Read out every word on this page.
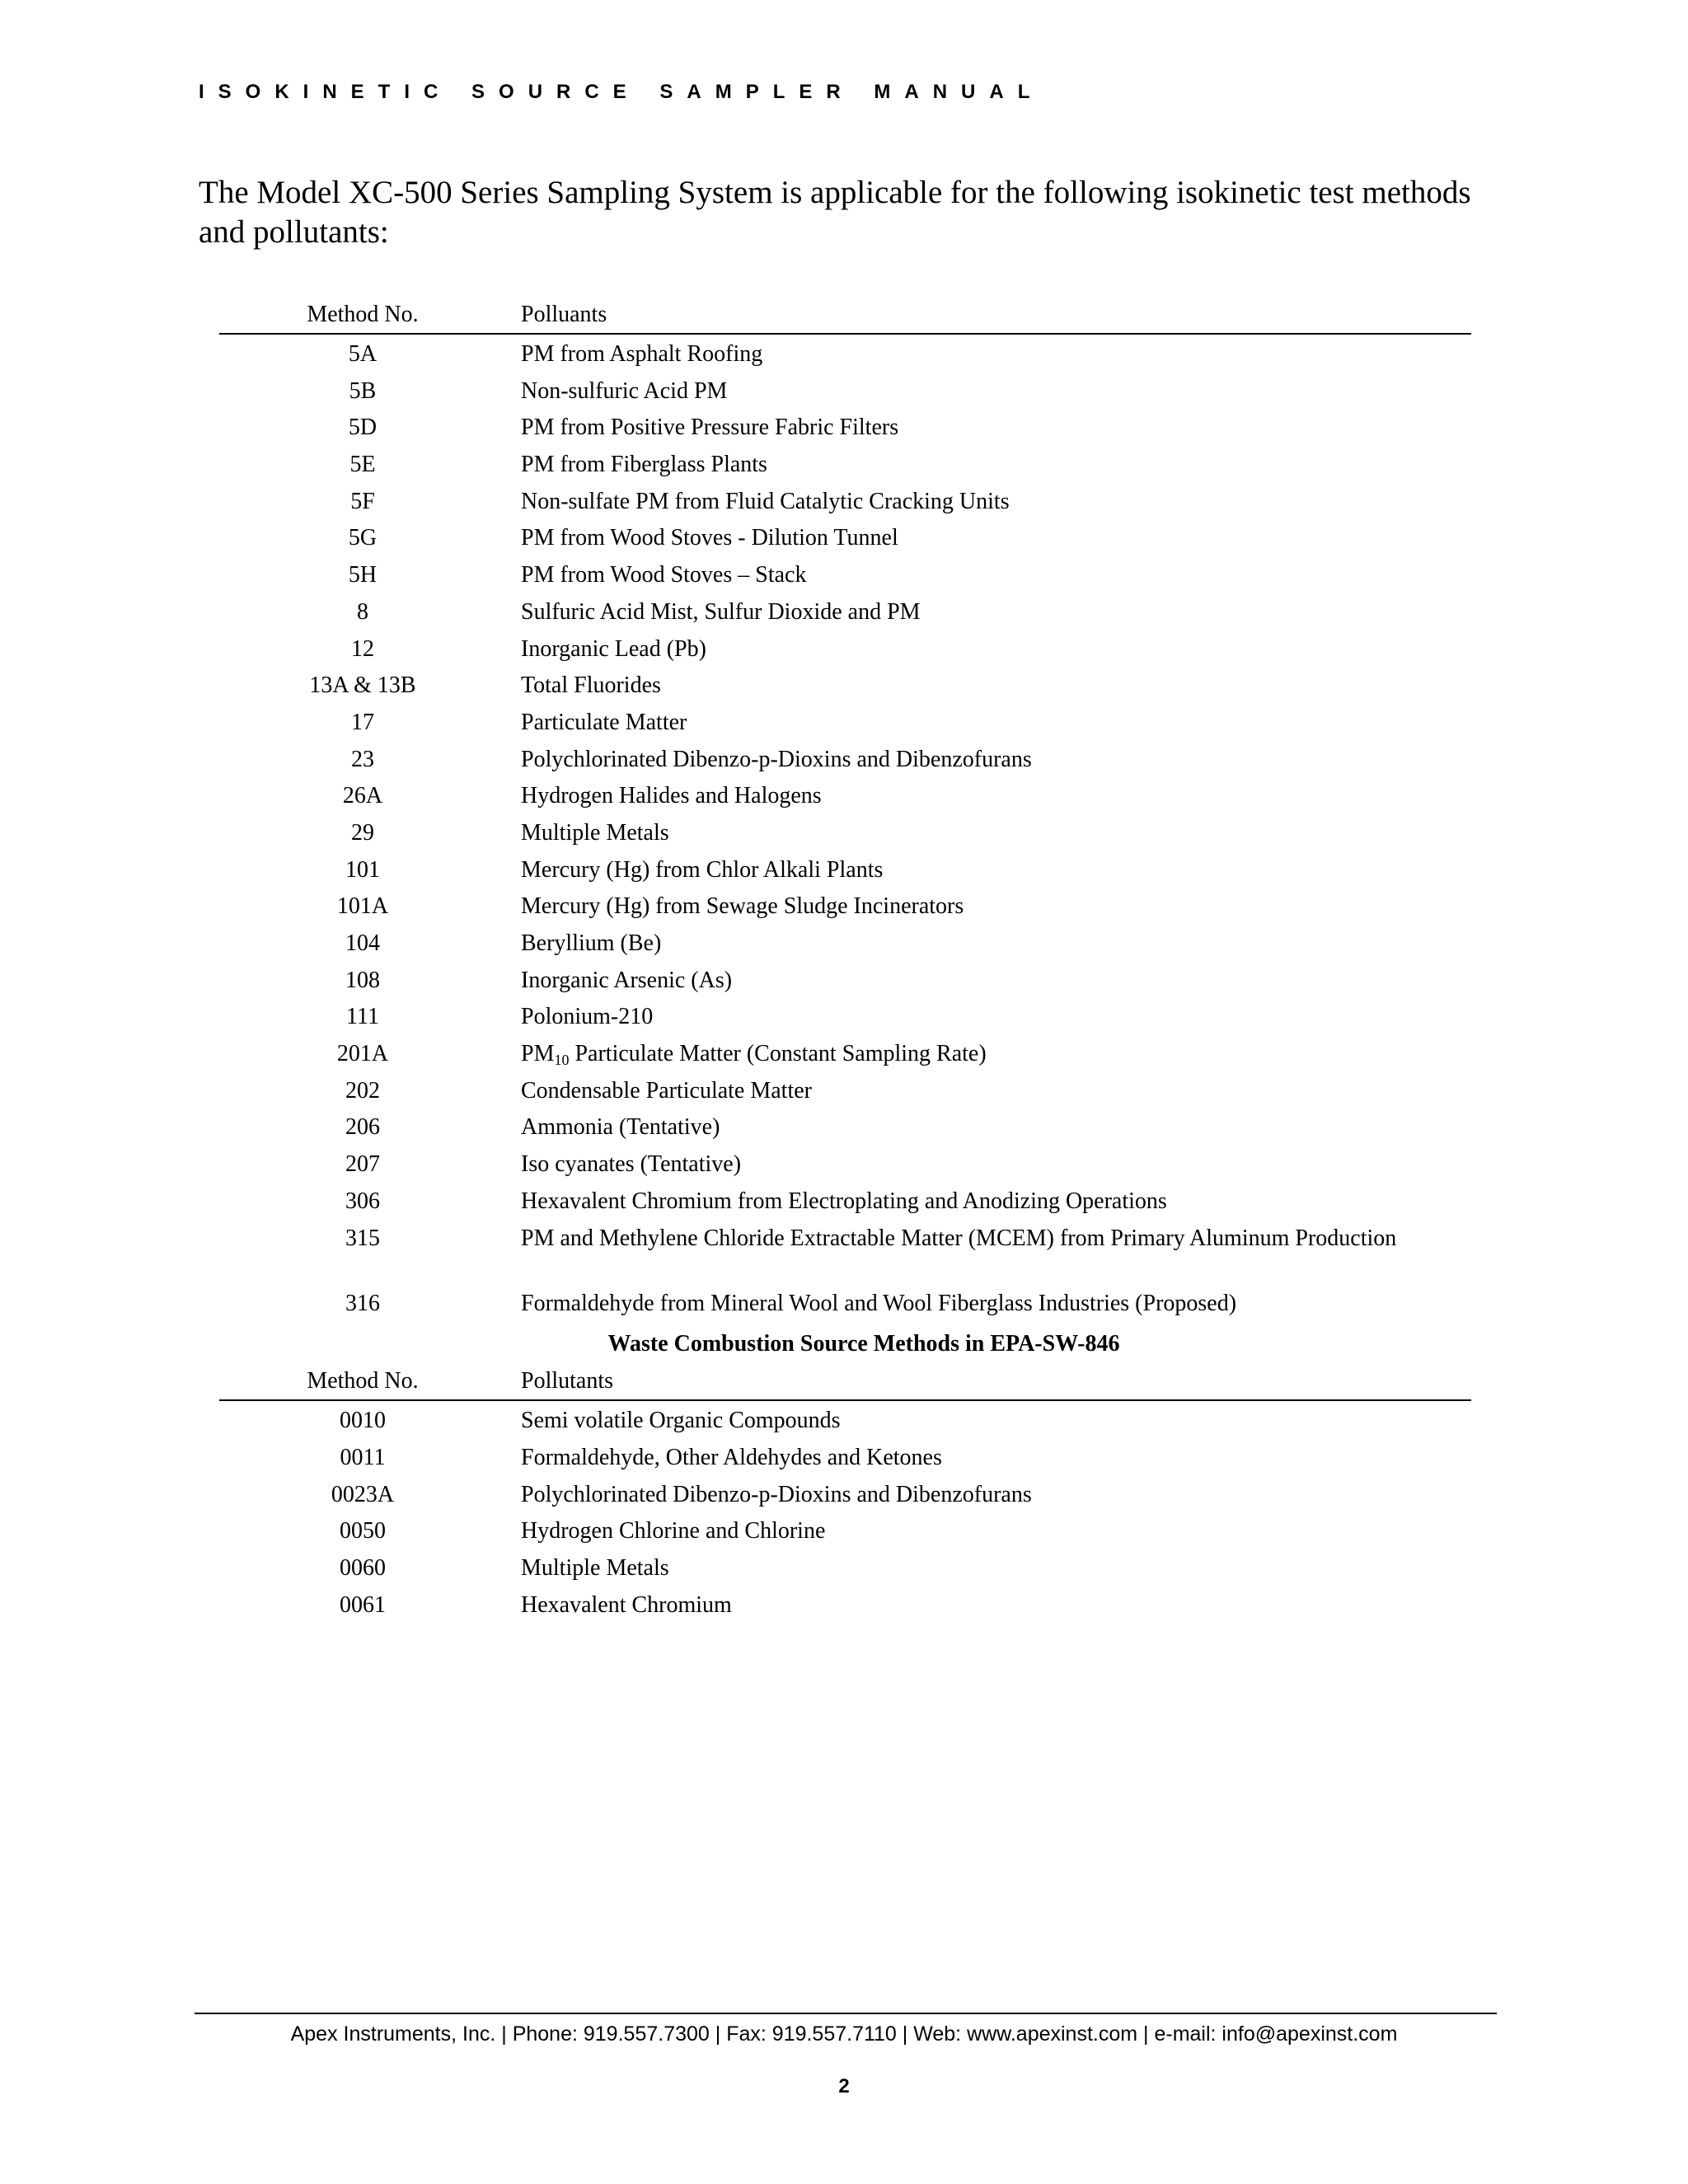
ISOKINETIC SOURCE SAMPLER MANUAL
The Model XC-500 Series Sampling System is applicable for the following isokinetic test methods and pollutants:
Method No.	Polluants
5A	PM from Asphalt Roofing
5B	Non-sulfuric Acid PM
5D	PM from Positive Pressure Fabric Filters
5E	PM from Fiberglass Plants
5F	Non-sulfate PM from Fluid Catalytic Cracking Units
5G	PM from Wood Stoves - Dilution Tunnel
5H	PM from Wood Stoves – Stack
8	Sulfuric Acid Mist, Sulfur Dioxide and PM
12	Inorganic Lead (Pb)
13A & 13B	Total Fluorides
17	Particulate Matter
23	Polychlorinated Dibenzo-p-Dioxins and Dibenzofurans
26A	Hydrogen Halides and Halogens
29	Multiple Metals
101	Mercury (Hg) from Chlor Alkali Plants
101A	Mercury (Hg) from Sewage Sludge Incinerators
104	Beryllium (Be)
108	Inorganic Arsenic (As)
111	Polonium-210
201A	$PM_{10}$ Particulate Matter (Constant Sampling Rate)
202	Condensable Particulate Matter
206	Ammonia (Tentative)
207	Iso cyanates (Tentative)
306	Hexavalent Chromium from Electroplating and Anodizing Operations
315	PM and Methylene Chloride Extractable Matter (MCEM) from Primary Aluminum Production
316	Formaldehyde from Mineral Wool and Wool Fiberglass Industries (Proposed)
Waste Combustion Source Methods in EPA-SW-846
Method No.	Pollutants
0010	Semi volatile Organic Compounds
0011	Formaldehyde, Other Aldehydes and Ketones
0023A	Polychlorinated Dibenzo-p-Dioxins and Dibenzofurans
0050	Hydrogen Chlorine and Chlorine
0060	Multiple Metals
0061	Hexavalent Chromium
Apex Instruments, Inc. | Phone: 919.557.7300 | Fax: 919.557.7110 | Web: www.apexinst.com | e-mail: info@apexinst.com
2
